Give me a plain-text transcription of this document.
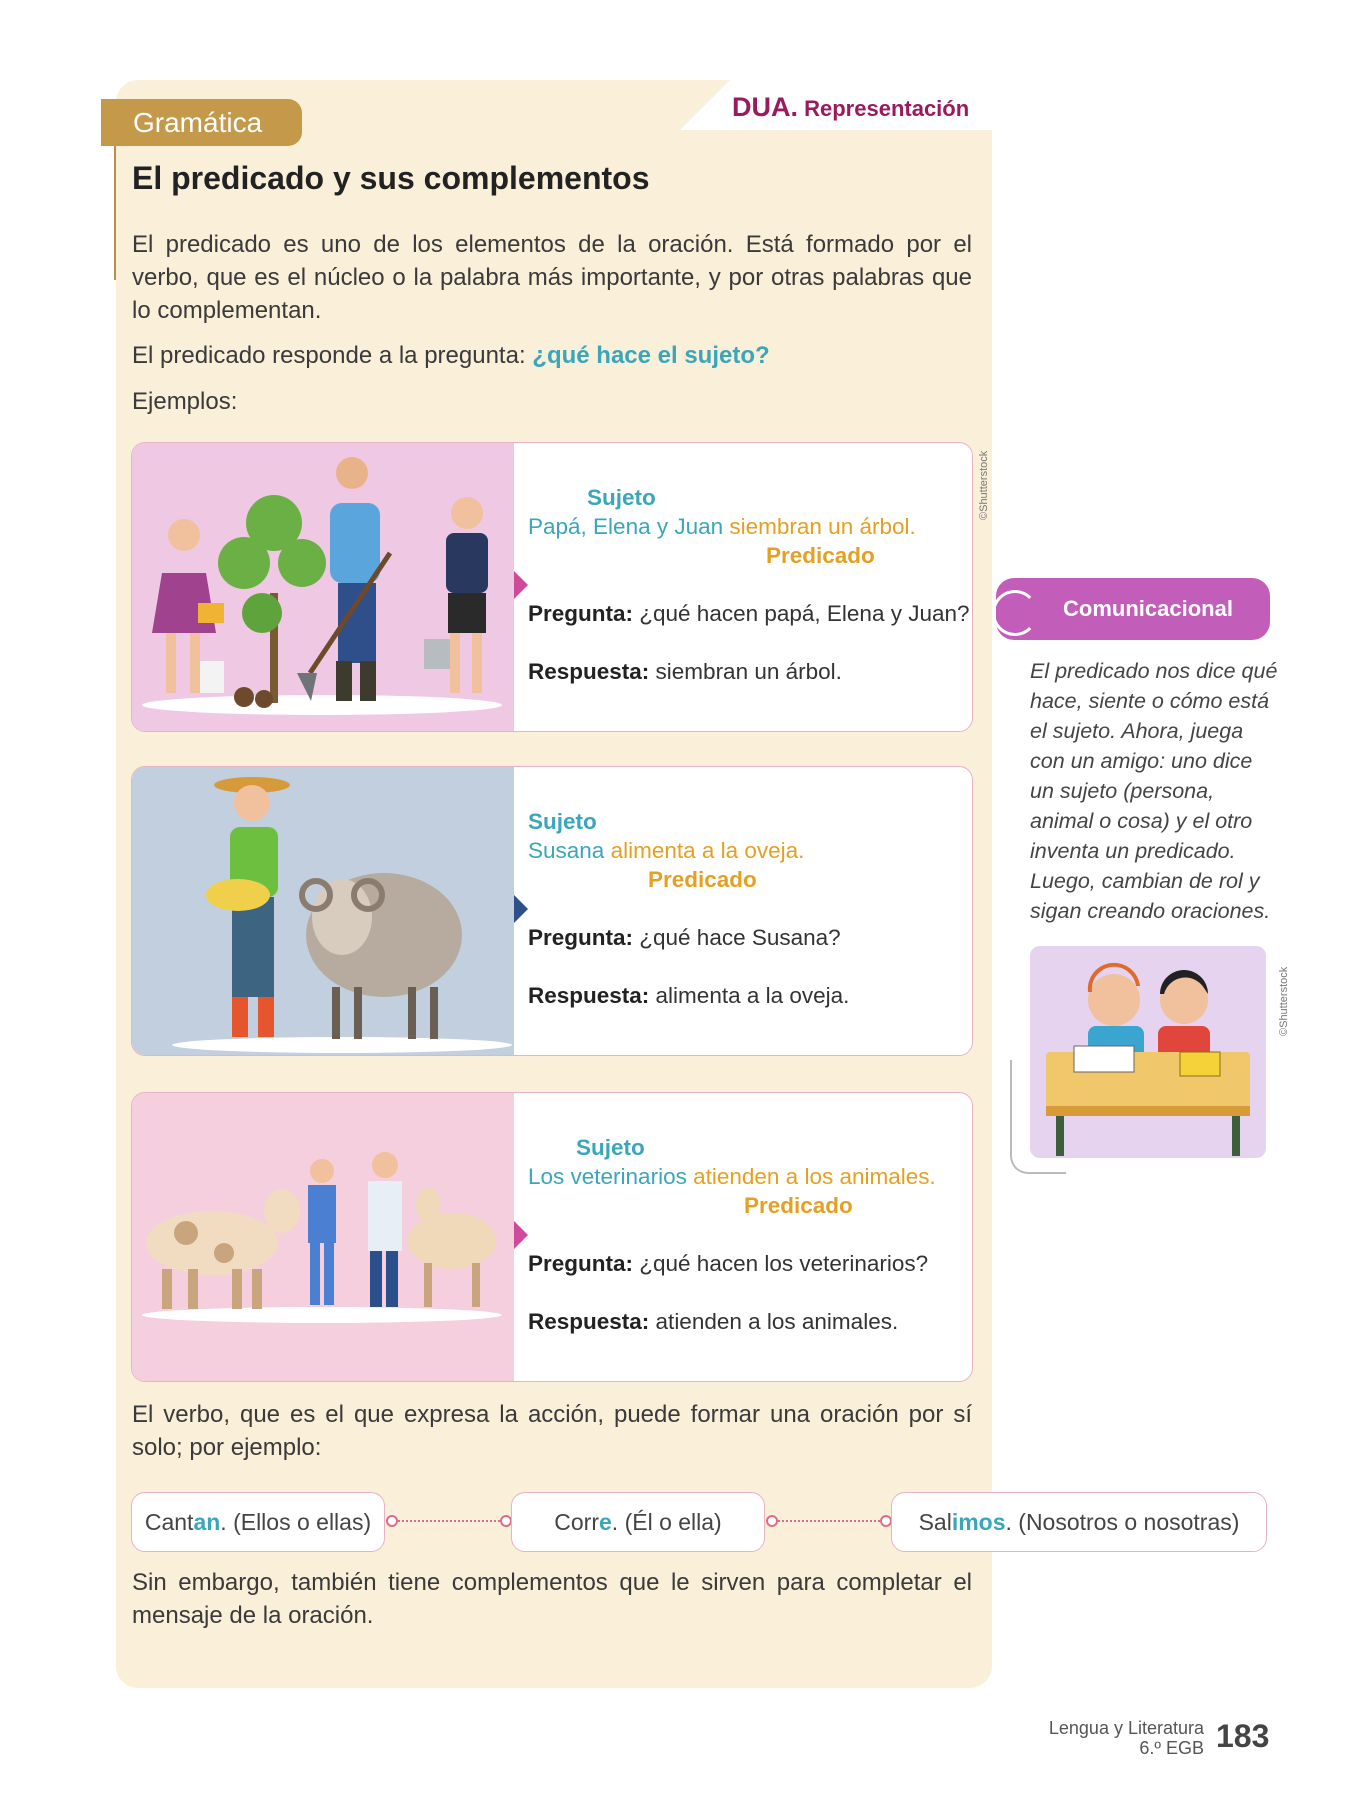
DUA. Representación
Gramática
El predicado y sus complementos
El predicado es uno de los elementos de la oración. Está formado por el verbo, que es el núcleo o la palabra más importante, y por otras palabras que lo complementan.
El predicado responde a la pregunta: ¿qué hace el sujeto?
Ejemplos:
Sujeto
Papá, Elena y Juan siembran un árbol.
Predicado
Pregunta: ¿qué hacen papá, Elena y Juan?
Respuesta: siembran un árbol.
©Shutterstock
Sujeto
Susana alimenta a la oveja.
Predicado
Pregunta: ¿qué hace Susana?
Respuesta: alimenta a la oveja.
Sujeto
Los veterinarios atienden a los animales.
Predicado
Pregunta: ¿qué hacen los veterinarios?
Respuesta: atienden a los animales.
El verbo, que es el que expresa la acción, puede formar una oración por sí solo; por ejemplo:
Cantan. (Ellos o ellas)	Corre. (Él o ella)	Salimos. (Nosotros o nosotras)
Sin embargo, también tiene complementos que le sirven para completar el mensaje de la oración.
Comunicacional
El predicado nos dice qué hace, siente o cómo está el sujeto. Ahora, juega con un amigo: uno dice un sujeto (persona, animal o cosa) y el otro inventa un predicado. Luego, cambian de rol y sigan creando oraciones.
©Shutterstock
Lengua y Literatura
6.º EGB 183
